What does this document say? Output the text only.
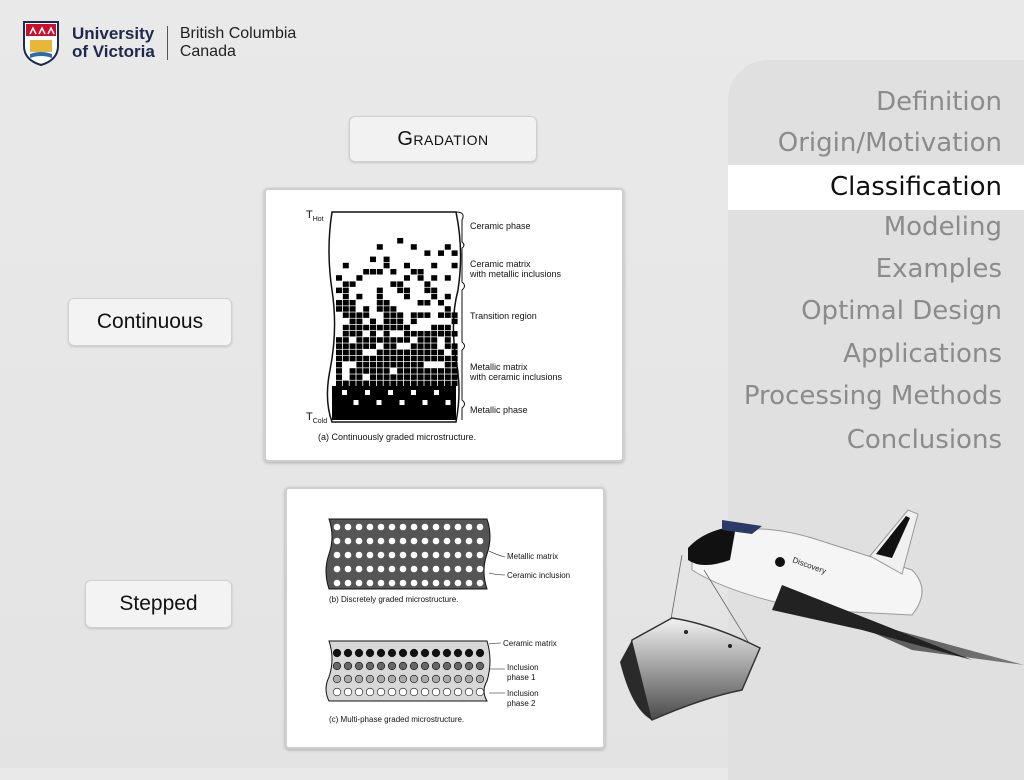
University
of Victoria
British Columbia
Canada
Definition
Origin/Motivation
Classification
Modeling
Examples
Optimal Design
Applications
Processing Methods
Conclusions
Gradation
Continuous
Stepped
$T_{Hot}$
$T_{Cold}$
Ceramic phase
Ceramic matrix
with metallic inclusions
Transition region
Metallic matrix
with ceramic inclusions
Metallic phase
(a) Continuously graded microstructure.
Metallic matrix
Ceramic inclusion
(b) Discretely graded microstructure.
Ceramic matrix
Inclusion
phase 1
Inclusion
phase 2
(c) Multi-phase graded microstructure.
Discovery
